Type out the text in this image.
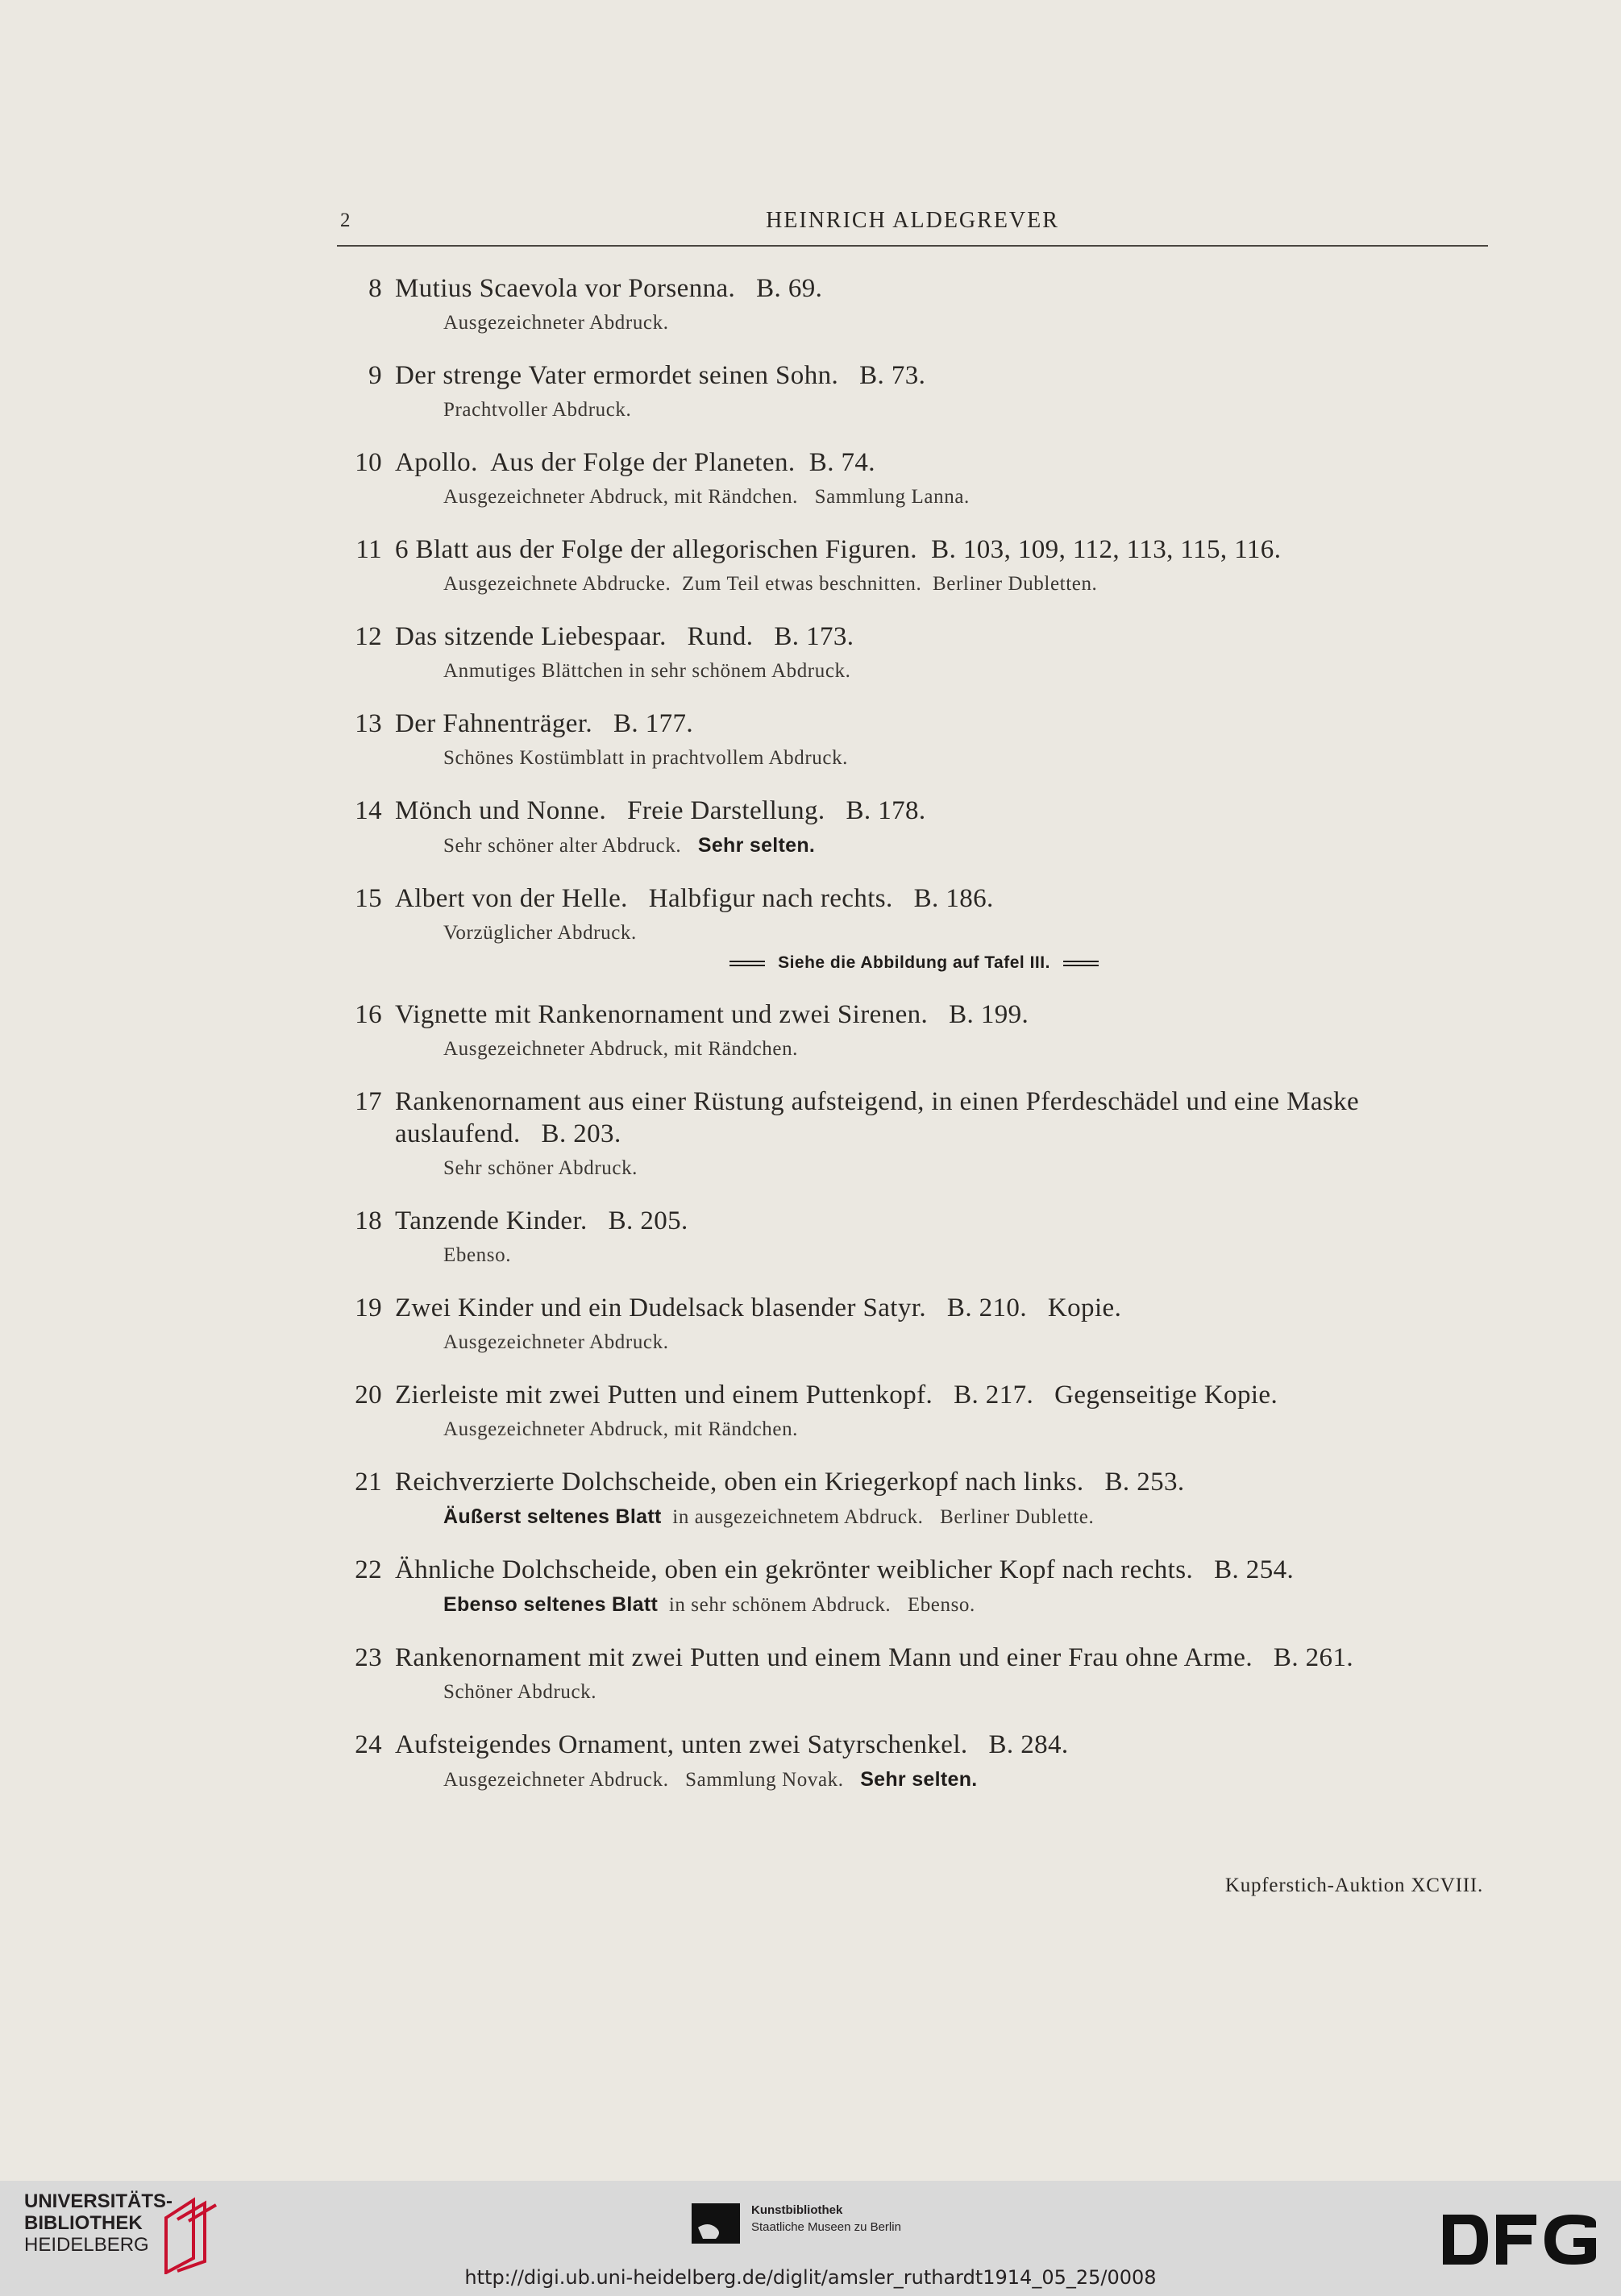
2	HEINRICH ALDEGREVER
8 Mutius Scaevola vor Porsenna.   B. 69.
Ausgezeichneter Abdruck.
9 Der strenge Vater ermordet seinen Sohn.   B. 73.
Prachtvoller Abdruck.
10 Apollo.  Aus der Folge der Planeten.  B. 74.
Ausgezeichneter Abdruck, mit Rändchen.   Sammlung Lanna.
11 6 Blatt aus der Folge der allegorischen Figuren.  B. 103, 109, 112, 113, 115, 116.
Ausgezeichnete Abdrucke.  Zum Teil etwas beschnitten.  Berliner Dubletten.
12 Das sitzende Liebespaar.   Rund.   B. 173.
Anmutiges Blättchen in sehr schönem Abdruck.
13 Der Fahnenträger.   B. 177.
Schönes Kostümblatt in prachtvollem Abdruck.
14 Mönch und Nonne.   Freie Darstellung.   B. 178.
Sehr schöner alter Abdruck. Sehr selten.
15 Albert von der Helle.   Halbfigur nach rechts.   B. 186.
Vorzüglicher Abdruck.
Siehe die Abbildung auf Tafel III.
16 Vignette mit Rankenornament und zwei Sirenen.   B. 199.
Ausgezeichneter Abdruck, mit Rändchen.
17 Rankenornament aus einer Rüstung aufsteigend, in einen Pferdeschädel und eine Maske auslaufend.   B. 203.
Sehr schöner Abdruck.
18 Tanzende Kinder.   B. 205.
Ebenso.
19 Zwei Kinder und ein Dudelsack blasender Satyr.   B. 210.   Kopie.
Ausgezeichneter Abdruck.
20 Zierleiste mit zwei Putten und einem Puttenkopf.   B. 217.   Gegenseitige Kopie.
Ausgezeichneter Abdruck, mit Rändchen.
21 Reichverzierte Dolchscheide, oben ein Kriegerkopf nach links.   B. 253.
Äußerst seltenes Blatt in ausgezeichnetem Abdruck.   Berliner Dublette.
22 Ähnliche Dolchscheide, oben ein gekrönter weiblicher Kopf nach rechts.   B. 254.
Ebenso seltenes Blatt in sehr schönem Abdruck.   Ebenso.
23 Rankenornament mit zwei Putten und einem Mann und einer Frau ohne Arme.   B. 261.
Schöner Abdruck.
24 Aufsteigendes Ornament, unten zwei Satyrschenkel.   B. 284.
Ausgezeichneter Abdruck.   Sammlung Novak. Sehr selten.
Kupferstich-Auktion XCVIII.
UNIVERSITÄTS-
BIBLIOTHEK
HEIDELBERG
Kunstbibliothek
Staatliche Museen zu Berlin
http://digi.ub.uni-heidelberg.de/diglit/amsler_ruthardt1914_05_25/0008
